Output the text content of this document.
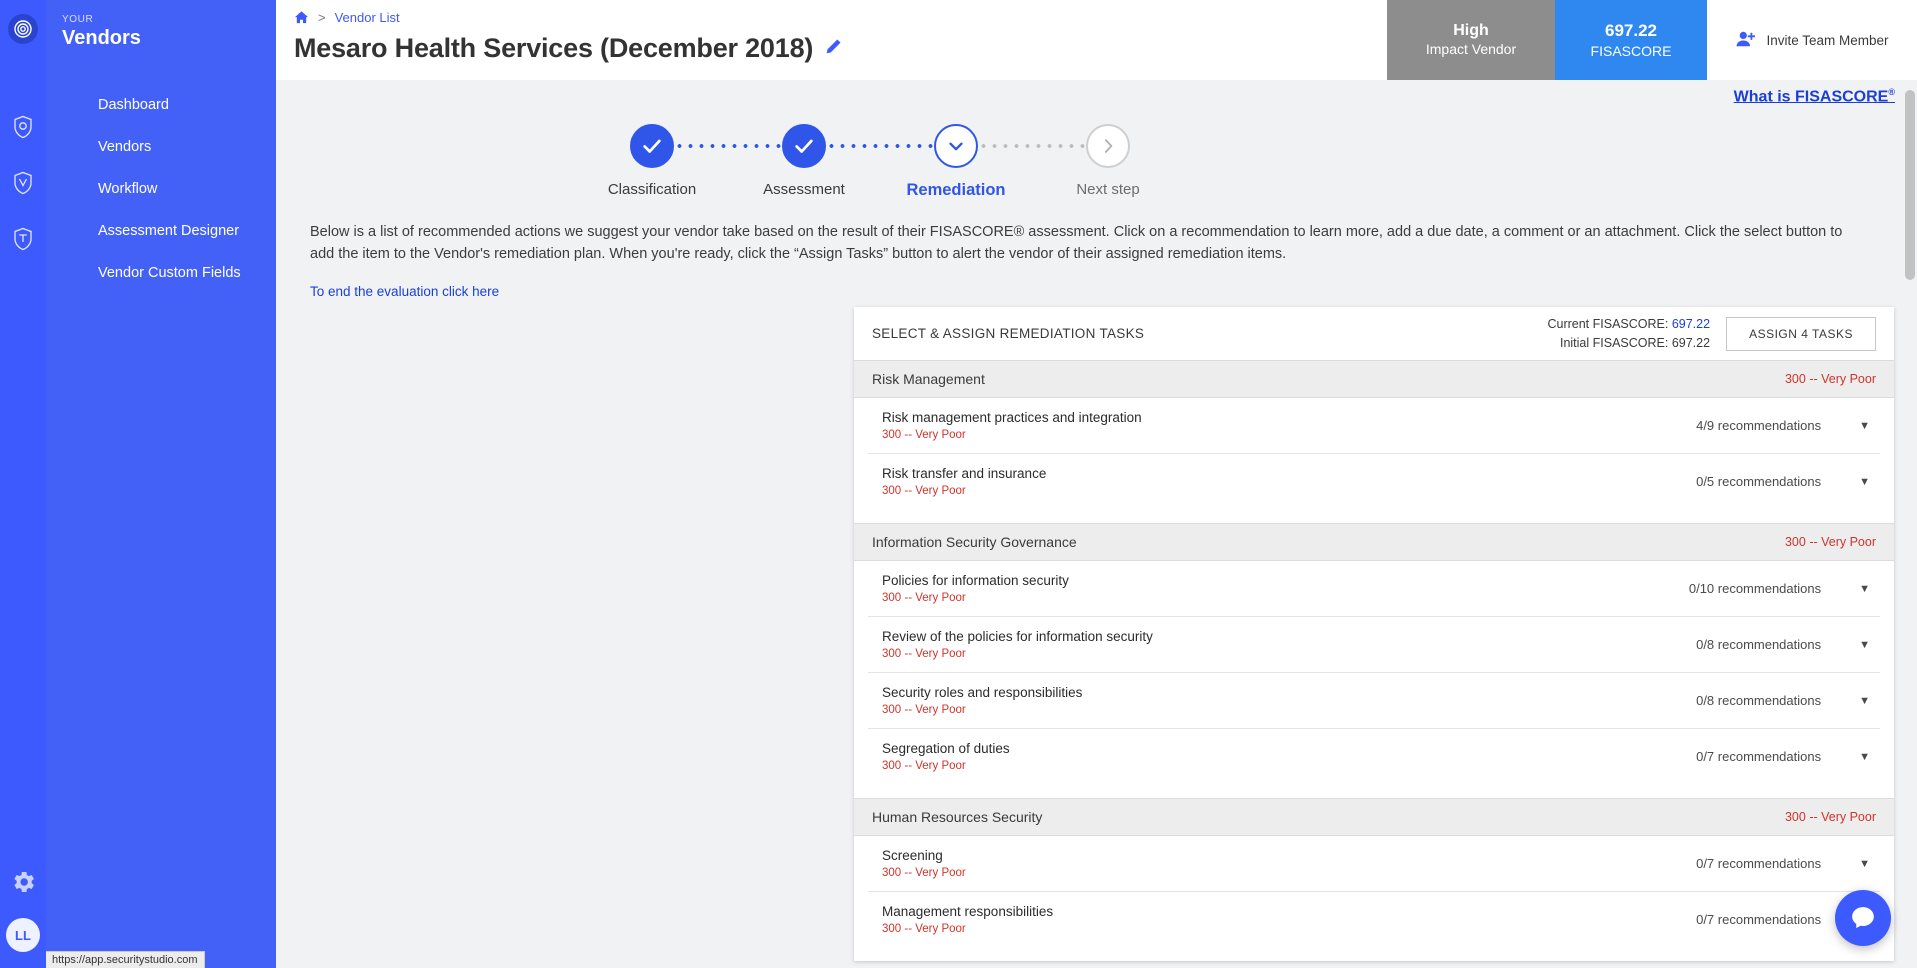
LL
YOUR
Vendors
Dashboard
Vendors
Workflow
Assessment Designer
Vendor Custom Fields
https://app.securitystudio.com
> Vendor List
Mesaro Health Services (December 2018)
High
Impact Vendor
697.22
FISASCORE
Invite Team Member
What is FISASCORE®
Classification	Assessment	Remediation	Next step
Below is a list of recommended actions we suggest your vendor take based on the result of their FISASCORE® assessment. Click on a recommendation to learn more, add a due date, a comment or an attachment. Click the select button to add the item to the Vendor's remediation plan. When you're ready, click the “Assign Tasks” button to alert the vendor of their assigned remediation items.
To end the evaluation click here
SELECT & ASSIGN REMEDIATION TASKS
Current FISASCORE: 697.22
Initial FISASCORE: 697.22
ASSIGN 4 TASKS
Risk Management	300 -- Very Poor
Risk management practices and integration
300 -- Very Poor
4/9 recommendations	▼
Risk transfer and insurance
300 -- Very Poor
0/5 recommendations	▼
Information Security Governance	300 -- Very Poor
Policies for information security
300 -- Very Poor
0/10 recommendations	▼
Review of the policies for information security
300 -- Very Poor
0/8 recommendations	▼
Security roles and responsibilities
300 -- Very Poor
0/8 recommendations	▼
Segregation of duties
300 -- Very Poor
0/7 recommendations	▼
Human Resources Security	300 -- Very Poor
Screening
300 -- Very Poor
0/7 recommendations	▼
Management responsibilities
300 -- Very Poor
0/7 recommendations
